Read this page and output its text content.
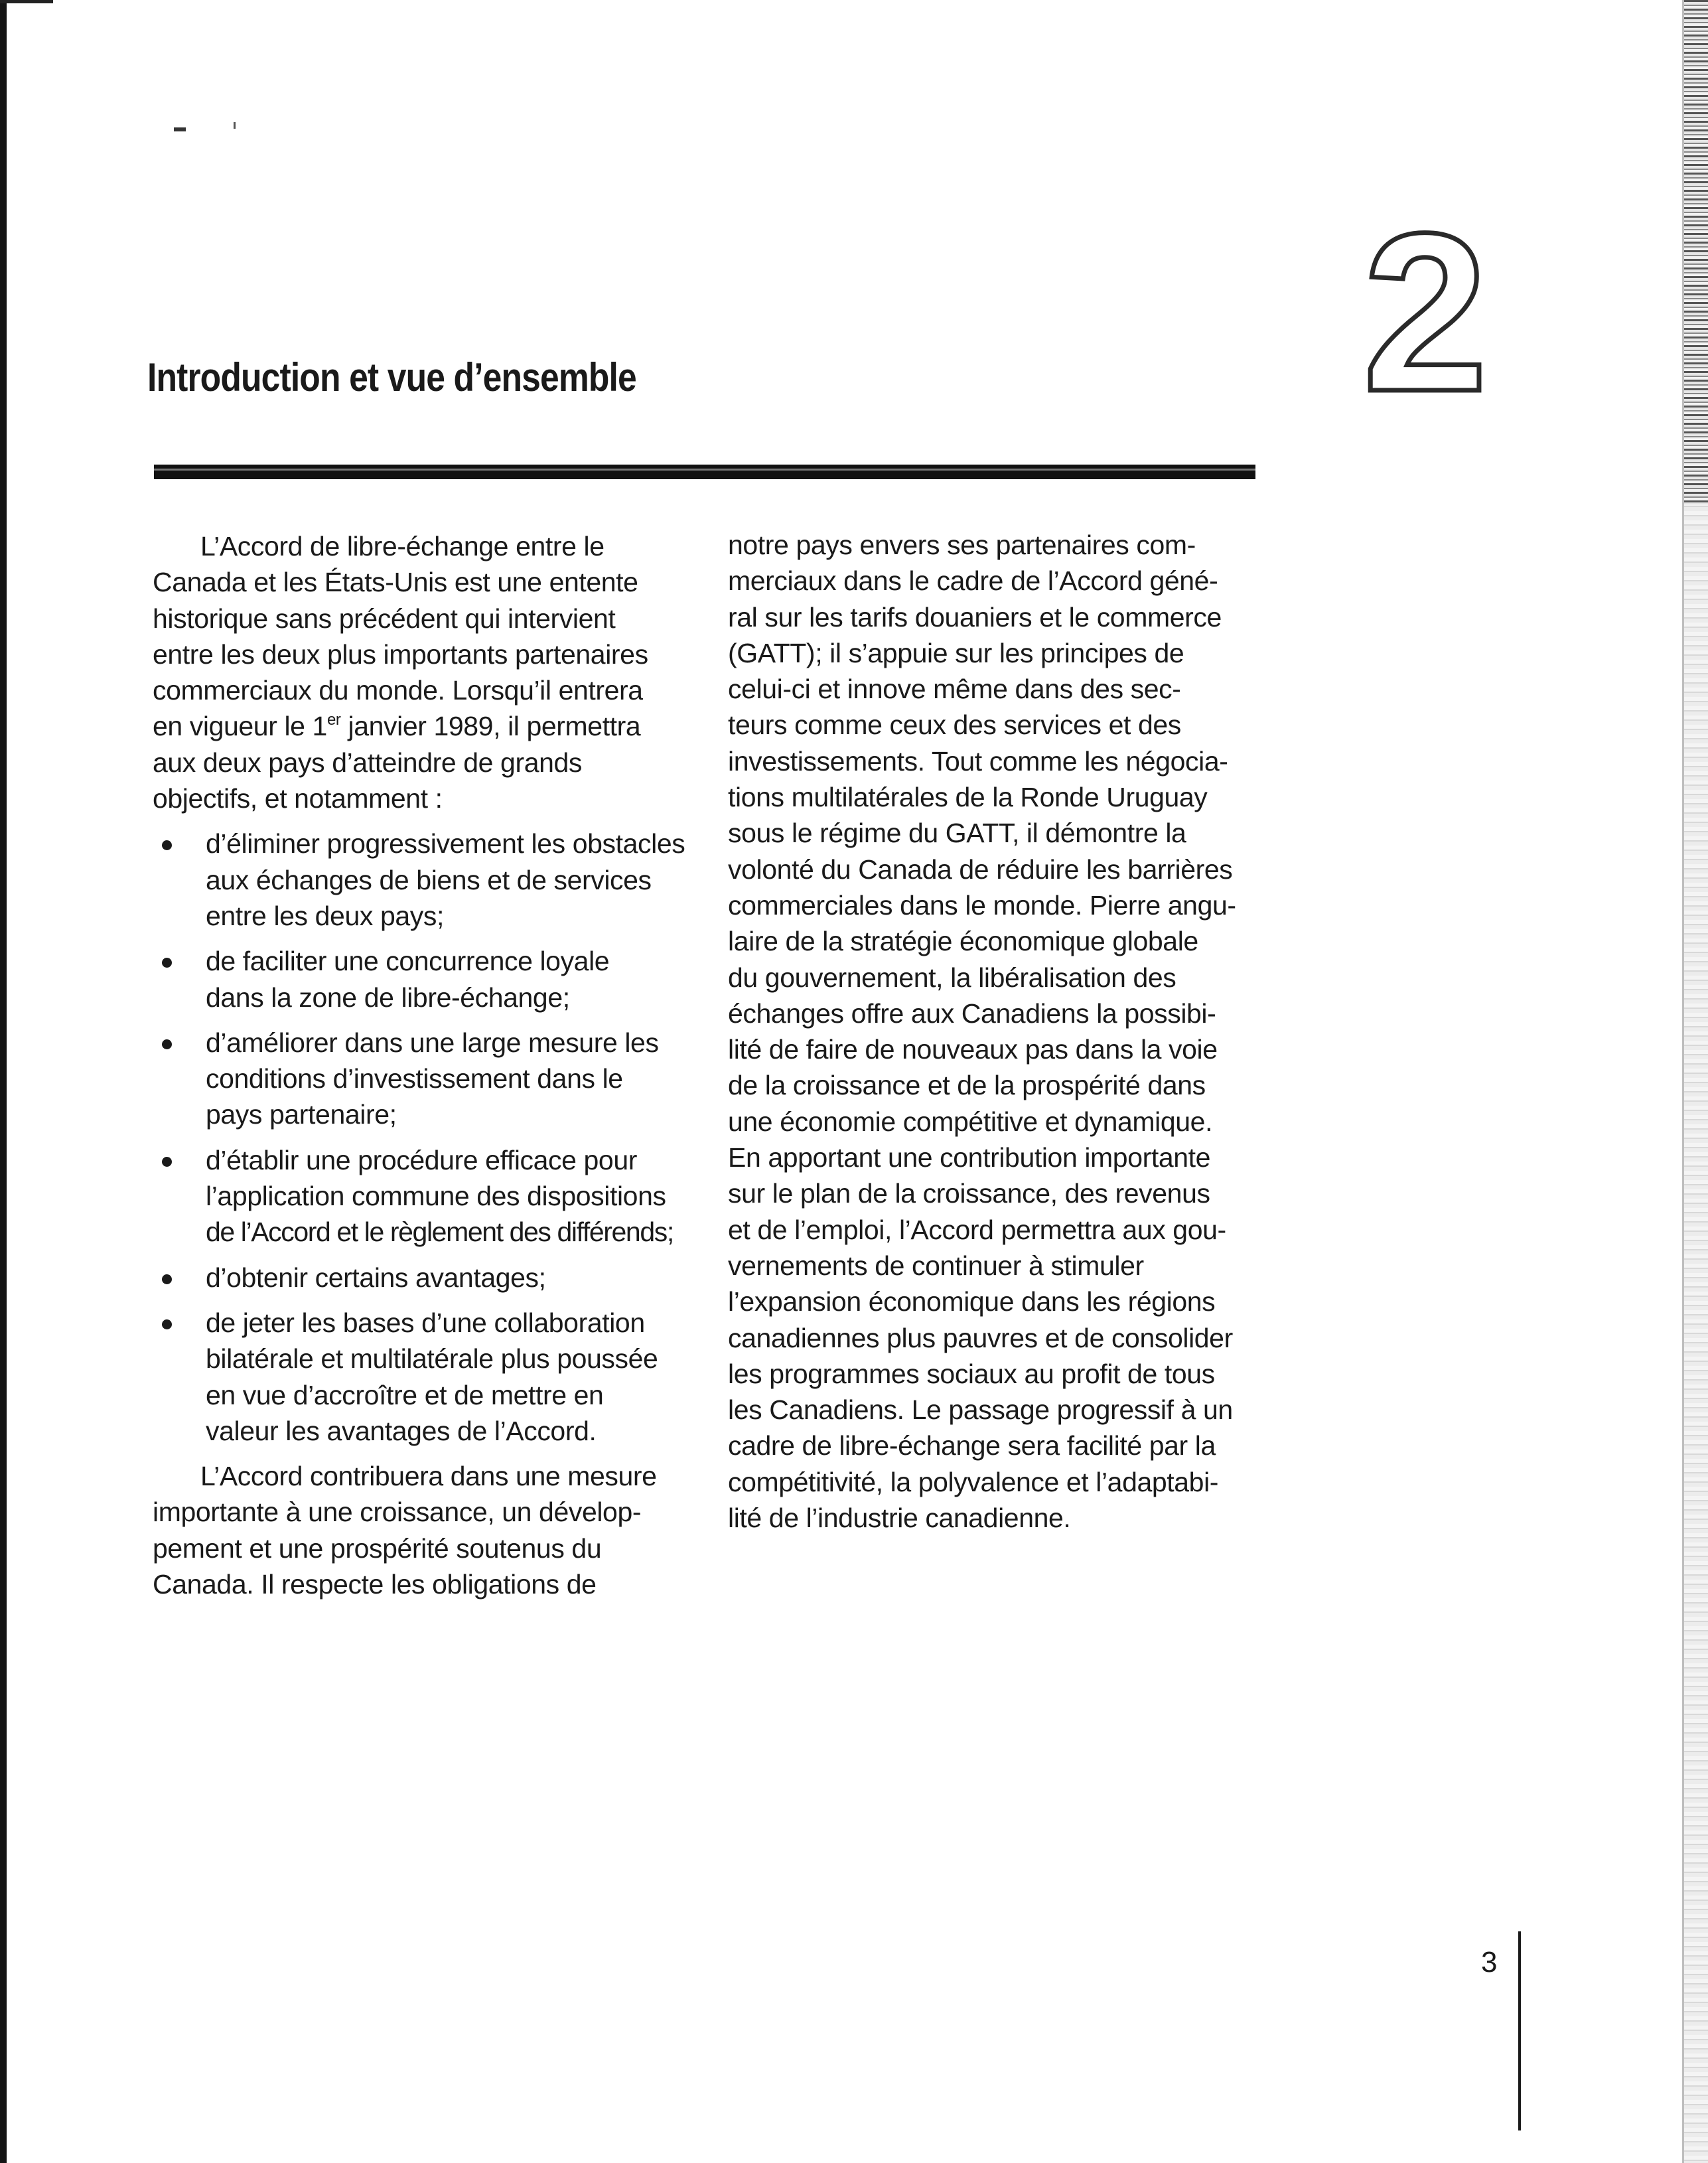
2
Introduction et vue d’ensemble

L’Accord de libre-échange entre le
Canada et les États-Unis est une entente
historique sans précédent qui intervient
entre les deux plus importants partenaires
commerciaux du monde. Lorsqu’il entrera
en vigueur le 1er janvier 1989, il permettra
aux deux pays d’atteindre de grands
objectifs, et notamment :

d’éliminer progressivement les obstacles
aux échanges de biens et de services
entre les deux pays;
de faciliter une concurrence loyale
dans la zone de libre-échange;
d’améliorer dans une large mesure les
conditions d’investissement dans le
pays partenaire;
d’établir une procédure efficace pour
l’application commune des dispositions
de l’Accord et le règlement des différends;
d’obtenir certains avantages;
de jeter les bases d’une collaboration
bilatérale et multilatérale plus poussée
en vue d’accroître et de mettre en
valeur les avantages de l’Accord.

L’Accord contribuera dans une mesure
importante à une croissance, un dévelop-
pement et une prospérité soutenus du
Canada. Il respecte les obligations de

notre pays envers ses partenaires com-
merciaux dans le cadre de l’Accord géné-
ral sur les tarifs douaniers et le commerce
(GATT); il s’appuie sur les principes de
celui-ci et innove même dans des sec-
teurs comme ceux des services et des
investissements. Tout comme les négocia-
tions multilatérales de la Ronde Uruguay
sous le régime du GATT, il démontre la
volonté du Canada de réduire les barrières
commerciales dans le monde. Pierre angu-
laire de la stratégie économique globale
du gouvernement, la libéralisation des
échanges offre aux Canadiens la possibi-
lité de faire de nouveaux pas dans la voie
de la croissance et de la prospérité dans
une économie compétitive et dynamique.
En apportant une contribution importante
sur le plan de la croissance, des revenus
et de l’emploi, l’Accord permettra aux gou-
vernements de continuer à stimuler
l’expansion économique dans les régions
canadiennes plus pauvres et de consolider
les programmes sociaux au profit de tous
les Canadiens. Le passage progressif à un
cadre de libre-échange sera facilité par la
compétitivité, la polyvalence et l’adaptabi-
lité de l’industrie canadienne.

3
